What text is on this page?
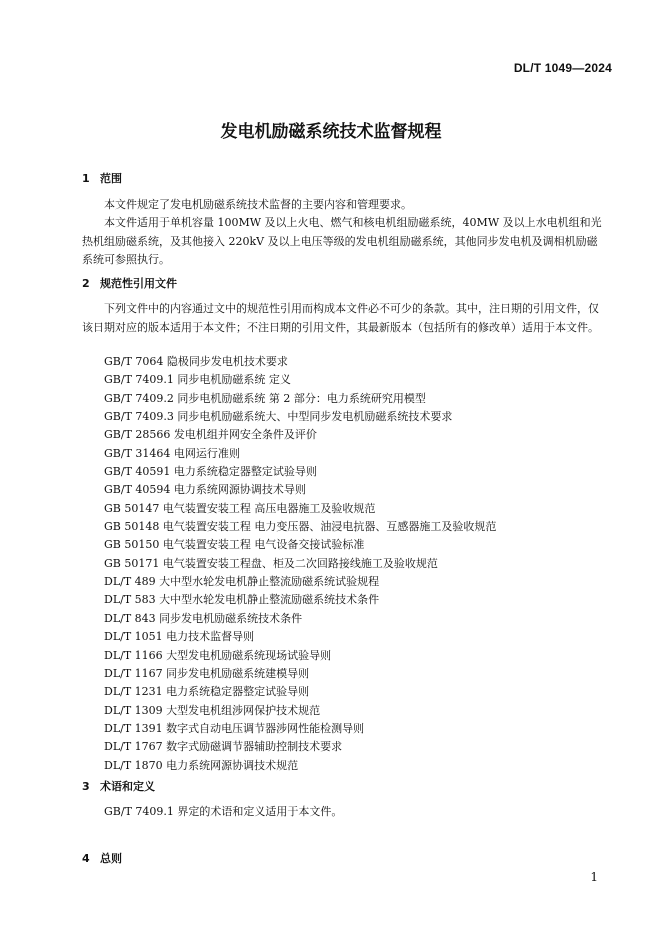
DL/T 1049—2024
发电机励磁系统技术监督规程
1 范围

本文件规定了发电机励磁系统技术监督的主要内容和管理要求。

本文件适用于单机容量 100MW 及以上火电、燃气和核电机组励磁系统，40MW 及以上水电机组和光热机组励磁系统，及其他接入 220kV 及以上电压等级的发电机组励磁系统，其他同步发电机及调相机励磁系统可参照执行。

2 规范性引用文件

下列文件中的内容通过文中的规范性引用而构成本文件必不可少的条款。其中，注日期的引用文件，仅该日期对应的版本适用于本文件；不注日期的引用文件，其最新版本（包括所有的修改单）适用于本文件。

GB/T 7064 隐极同步发电机技术要求
GB/T 7409.1 同步电机励磁系统 定义
GB/T 7409.2 同步电机励磁系统 第 2 部分：电力系统研究用模型
GB/T 7409.3 同步电机励磁系统大、中型同步发电机励磁系统技术要求
GB/T 28566 发电机组并网安全条件及评价
GB/T 31464 电网运行准则
GB/T 40591 电力系统稳定器整定试验导则
GB/T 40594 电力系统网源协调技术导则
GB 50147 电气装置安装工程 高压电器施工及验收规范
GB 50148 电气装置安装工程 电力变压器、油浸电抗器、互感器施工及验收规范
GB 50150 电气装置安装工程 电气设备交接试验标准
GB 50171 电气装置安装工程盘、柜及二次回路接线施工及验收规范
DL/T 489 大中型水轮发电机静止整流励磁系统试验规程
DL/T 583 大中型水轮发电机静止整流励磁系统技术条件
DL/T 843 同步发电机励磁系统技术条件
DL/T 1051 电力技术监督导则
DL/T 1166 大型发电机励磁系统现场试验导则
DL/T 1167 同步发电机励磁系统建模导则
DL/T 1231 电力系统稳定器整定试验导则
DL/T 1309 大型发电机组涉网保护技术规范
DL/T 1391 数字式自动电压调节器涉网性能检测导则
DL/T 1767 数字式励磁调节器辅助控制技术要求
DL/T 1870 电力系统网源协调技术规范
3 术语和定义

GB/T 7409.1 界定的术语和定义适用于本文件。

4 总则
1
